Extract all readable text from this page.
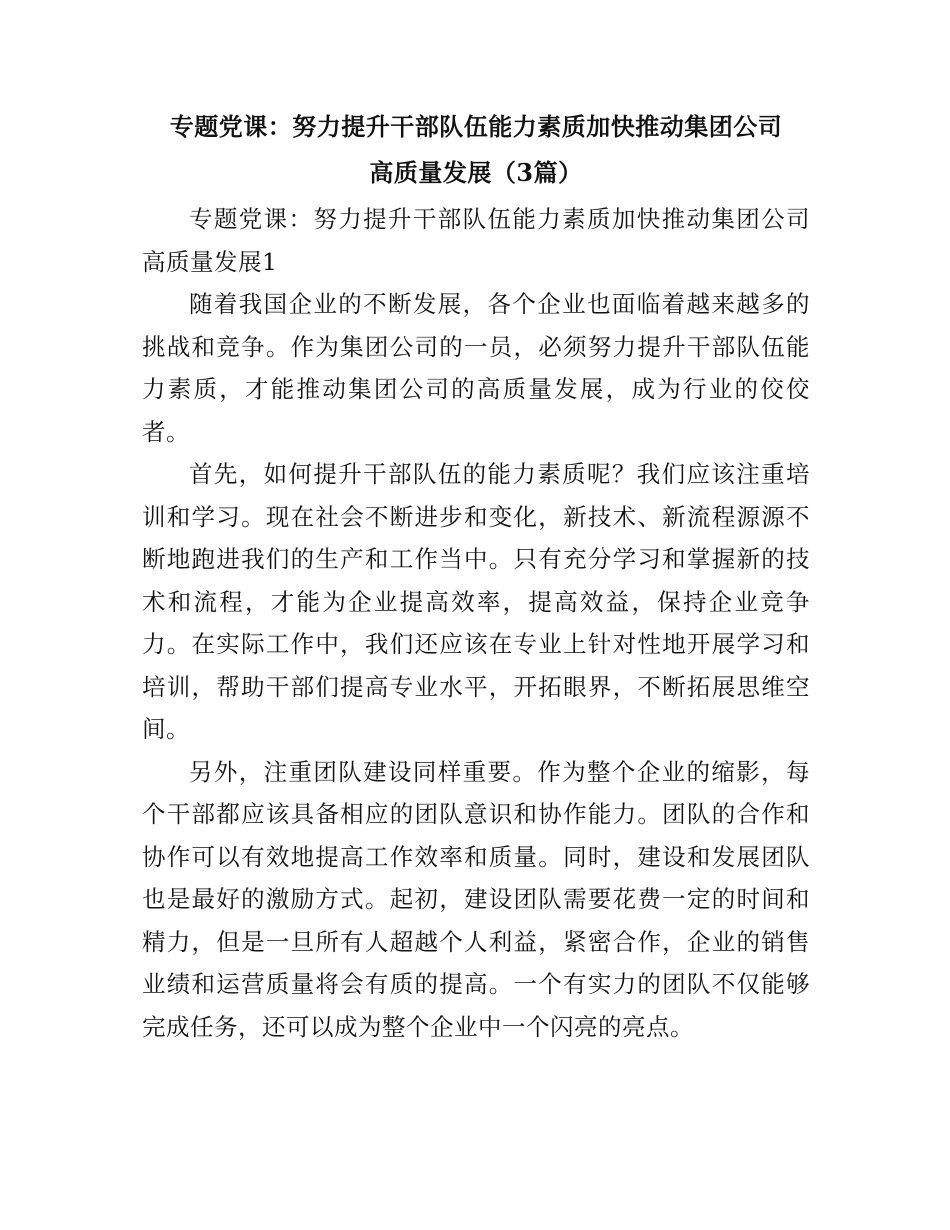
专题党课：努力提升干部队伍能力素质加快推动集团公司
高质量发展（3篇）

专题党课：努力提升干部队伍能力素质加快推动集团公司高质量发展1

随着我国企业的不断发展，各个企业也面临着越来越多的挑战和竞争。作为集团公司的一员，必须努力提升干部队伍能力素质，才能推动集团公司的高质量发展，成为行业的佼佼者。

首先，如何提升干部队伍的能力素质呢？我们应该注重培训和学习。现在社会不断进步和变化，新技术、新流程源源不断地跑进我们的生产和工作当中。只有充分学习和掌握新的技术和流程，才能为企业提高效率，提高效益，保持企业竞争力。在实际工作中，我们还应该在专业上针对性地开展学习和培训，帮助干部们提高专业水平，开拓眼界，不断拓展思维空间。

另外，注重团队建设同样重要。作为整个企业的缩影，每个干部都应该具备相应的团队意识和协作能力。团队的合作和协作可以有效地提高工作效率和质量。同时，建设和发展团队也是最好的激励方式。起初，建设团队需要花费一定的时间和精力，但是一旦所有人超越个人利益，紧密合作，企业的销售业绩和运营质量将会有质的提高。一个有实力的团队不仅能够完成任务，还可以成为整个企业中一个闪亮的亮点。
